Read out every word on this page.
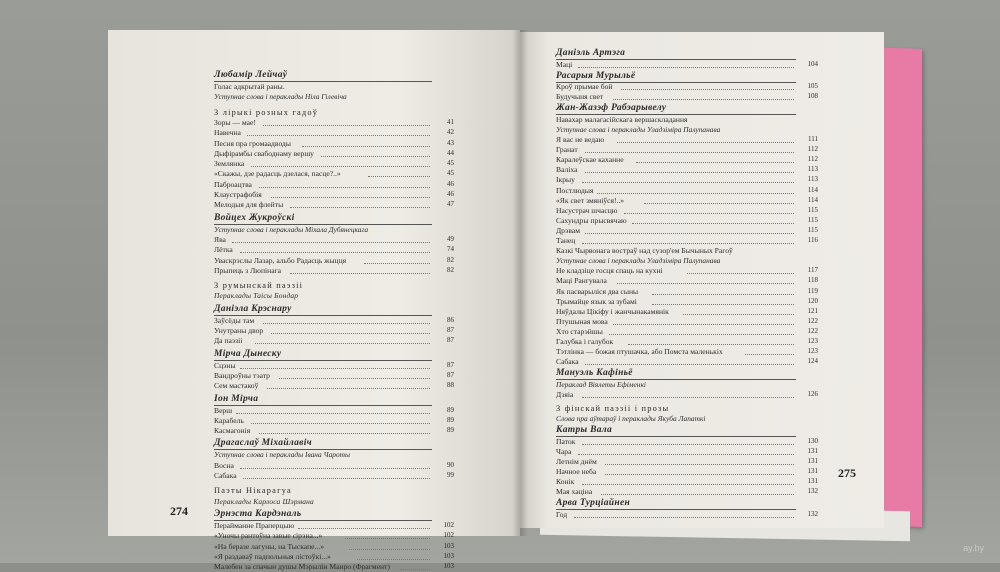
Любамір Лейчаў
Голас адкрытай раны.
Уступнае слова і пераклады Ніла Гілевіча
З лірыкі розных гадоў
Зоры — мае!	41
Навечна	42
Песня пра громаадводы	43
Дыфірамбы свабоднаму вершу	44
Землянка	45
«Скажы, дзе радасць дзелася, пасце?..»	45
Паброацтва	46
Клаустрафобія	46
Мелодыя для флейты	47
Войцех Жукроўскі
Уступнае слова і пераклады Міхала Дубянецкага
Ява	49
Лётка	74
Уваскрэслы Лазар, альбо Радасць жыцця	82
Прыпець з Люпінага	82
З румынскай паэзіі
Пераклады Таісы Бондар
Даніэла Крэснару
Заўсёды там	86
Унутраны двор	87
Да паэзіі	87
Мірча Дынеску
Сцэны	87
Вандроўны тэатр	87
Сем мастакоў	88
Іон Мірча
Верш	89
Карабель	89
Касмагонія	89
Драгаслаў Міхайлавіч
Уступнае слова і пераклады Івана Чароты
Восна	90
Сабака	99
Паэты Нікарагуа
Пераклады Карлоса Шэрмана
Эрнэста Кардэналь
Перайманне Праперцыю	102
«Уночы рантоўна завые сірэна...»	102
«На беразе лагуны, на Тыскапе...»	103
«Я раздаваў падпольныя лістоўкі...»	103
Малебен за спачын душы Мэрылін Манро (Фрагмент)	103
274
Даніэль Артэга
Маці	104
Расарыя Мурыльё
Кроў прымае бой	105
Будучыня свет	108
Жан-Жазэф Рабэарывелу
Навахар малагасійскага вершаскладання
Уступнае слова і пераклады Уладзіміра Палупанава
Я вас не ведаю	111
Гранат	112
Каралеўскае каханне	112
Валіха	113
Ікрыу	113
Постлюдыя	114
«Як свет змяніўся!..»	114
Насустрач шчасцю	115
Сахундры прысвячаю	115
Дрэвам	115
Танец	116
Казкі Чырвонага востраў над сузор'ем Бычыных Рагоў
Уступнае слова і пераклады Уладзіміра Палупанава
Не кладзіце госця спаць на кухні	117
Маці Рангувала	118
Як пасварыліся два сыны	119
Трымайце язык за зубамі	120
Няўдалы Цікіфу і жанчынакамянік	121
Птушыная мова	122
Хто старэйшы	122
Галубка і галубок	123
Тэтлінка — божая птушачка, або Помста маленькіх	123
Сабака	124
Мануэль Кафіньё
Пераклад Віялеты Ефіменкі
Дзяіа	126
З фінскай паэзіі і прозы
Слова пра аўтараў і пераклады Якуба Лапаткі
Катры Вала
Паток	130
Чара	131
Летнім днём	131
Начное неба	131
Конік	131
Мая хаціна	132
Арва Турціайнен
Год	132
275
ay.by
